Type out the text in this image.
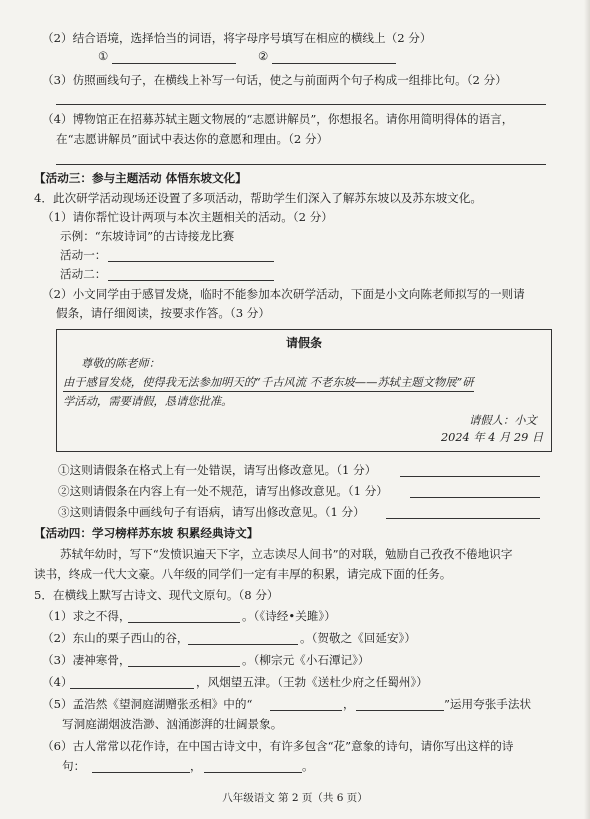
（2）结合语境，选择恰当的词语，将字母序号填写在相应的横线上（2 分）
①	②
（3）仿照画线句子，在横线上补写一句话，使之与前面两个句子构成一组排比句。（2 分）
（4）博物馆正在招募苏轼主题文物展的“志愿讲解员”，你想报名。请你用简明得体的语言，
在“志愿讲解员”面试中表达你的意愿和理由。（2 分）
【活动三：参与主题活动 体悟东坡文化】
4．此次研学活动现场还设置了多项活动，帮助学生们深入了解苏东坡以及苏东坡文化。
（1）请你帮忙设计两项与本次主题相关的活动。（2 分）
示例：“东坡诗词”的古诗接龙比赛
活动一：
活动二：
（2）小文同学由于感冒发烧，临时不能参加本次研学活动，下面是小文向陈老师拟写的一则请
假条，请仔细阅读，按要求作答。（3 分）
请假条
尊敬的陈老师：
由于感冒发烧，使得我无法参加明天的“千古风流 不老东坡——苏轼主题文物展”研
学活动，需要请假，恳请您批准。
请假人：小文
2024 年 4 月 29 日
①这则请假条在格式上有一处错误，请写出修改意见。（1 分）
②这则请假条在内容上有一处不规范，请写出修改意见。（1 分）
③这则请假条中画线句子有语病，请写出修改意见。（1 分）
【活动四：学习榜样苏东坡 积累经典诗文】
苏轼年幼时，写下“发愤识遍天下字，立志读尽人间书”的对联，勉励自己孜孜不倦地识字
读书，终成一代大文豪。八年级的同学们一定有丰厚的积累，请完成下面的任务。
5．在横线上默写古诗文、现代文原句。（8 分）
（1）求之不得，	。（《诗经•关雎》）
（2）东山的栗子西山的谷，	。（贺敬之《回延安》）
（3）凄神寒骨，	。（柳宗元《小石潭记》）
（4）	，风烟望五津。（王勃《送杜少府之任蜀州》）
（5）孟浩然《望洞庭湖赠张丞相》中的“	，	”运用夸张手法状
写洞庭湖烟波浩渺、汹涌澎湃的壮阔景象。
（6）古人常常以花作诗，在中国古诗文中，有许多包含“花”意象的诗句，请你写出这样的诗
句：	，	。
八年级语文 第 2 页（共 6 页）
